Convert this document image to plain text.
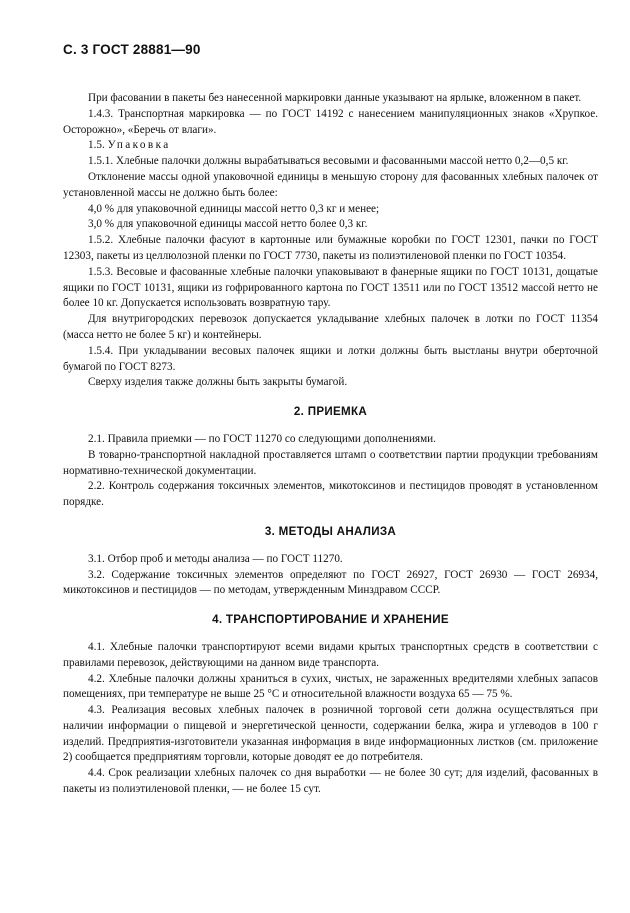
С. 3 ГОСТ 28881—90

При фасовании в пакеты без нанесенной маркировки данные указывают на ярлыке, вложенном в пакет.

1.4.3. Транспортная маркировка — по ГОСТ 14192 с нанесением манипуляционных знаков «Хрупкое. Осторожно», «Беречь от влаги».

1.5. Упаковка

1.5.1. Хлебные палочки должны вырабатываться весовыми и фасованными массой нетто 0,2—0,5 кг.

Отклонение массы одной упаковочной единицы в меньшую сторону для фасованных хлебных палочек от установленной массы не должно быть более:

4,0 % для упаковочной единицы массой нетто 0,3 кг и менее;

3,0 % для упаковочной единицы массой нетто более 0,3 кг.

1.5.2. Хлебные палочки фасуют в картонные или бумажные коробки по ГОСТ 12301, пачки по ГОСТ 12303, пакеты из целлюлозной пленки по ГОСТ 7730, пакеты из полиэтиленовой пленки по ГОСТ 10354.

1.5.3. Весовые и фасованные хлебные палочки упаковывают в фанерные ящики по ГОСТ 10131, дощатые ящики по ГОСТ 10131, ящики из гофрированного картона по ГОСТ 13511 или по ГОСТ 13512 массой нетто не более 10 кг. Допускается использовать возвратную тару.

Для внутригородских перевозок допускается укладывание хлебных палочек в лотки по ГОСТ 11354 (масса нетто не более 5 кг) и контейнеры.

1.5.4. При укладывании весовых палочек ящики и лотки должны быть выстланы внутри оберточной бумагой по ГОСТ 8273.

Сверху изделия также должны быть закрыты бумагой.

2. ПРИЕМКА

2.1. Правила приемки — по ГОСТ 11270 со следующими дополнениями.

В товарно-транспортной накладной проставляется штамп о соответствии партии продукции требованиям нормативно-технической документации.

2.2. Контроль содержания токсичных элементов, микотоксинов и пестицидов проводят в установленном порядке.

3. МЕТОДЫ АНАЛИЗА

3.1. Отбор проб и методы анализа — по ГОСТ 11270.

3.2. Содержание токсичных элементов определяют по ГОСТ 26927, ГОСТ 26930 — ГОСТ 26934, микотоксинов и пестицидов — по методам, утвержденным Минздравом СССР.

4. ТРАНСПОРТИРОВАНИЕ И ХРАНЕНИЕ

4.1. Хлебные палочки транспортируют всеми видами крытых транспортных средств в соответствии с правилами перевозок, действующими на данном виде транспорта.

4.2. Хлебные палочки должны храниться в сухих, чистых, не зараженных вредителями хлебных запасов помещениях, при температуре не выше 25 °С и относительной влажности воздуха 65 — 75 %.

4.3. Реализация весовых хлебных палочек в розничной торговой сети должна осуществляться при наличии информации о пищевой и энергетической ценности, содержании белка, жира и углеводов в 100 г изделий. Предприятия-изготовители указанная информация в виде информационных листков (см. приложение 2) сообщается предприятиям торговли, которые доводят ее до потребителя.

4.4. Срок реализации хлебных палочек со дня выработки — не более 30 сут; для изделий, фасованных в пакеты из полиэтиленовой пленки, — не более 15 сут.
